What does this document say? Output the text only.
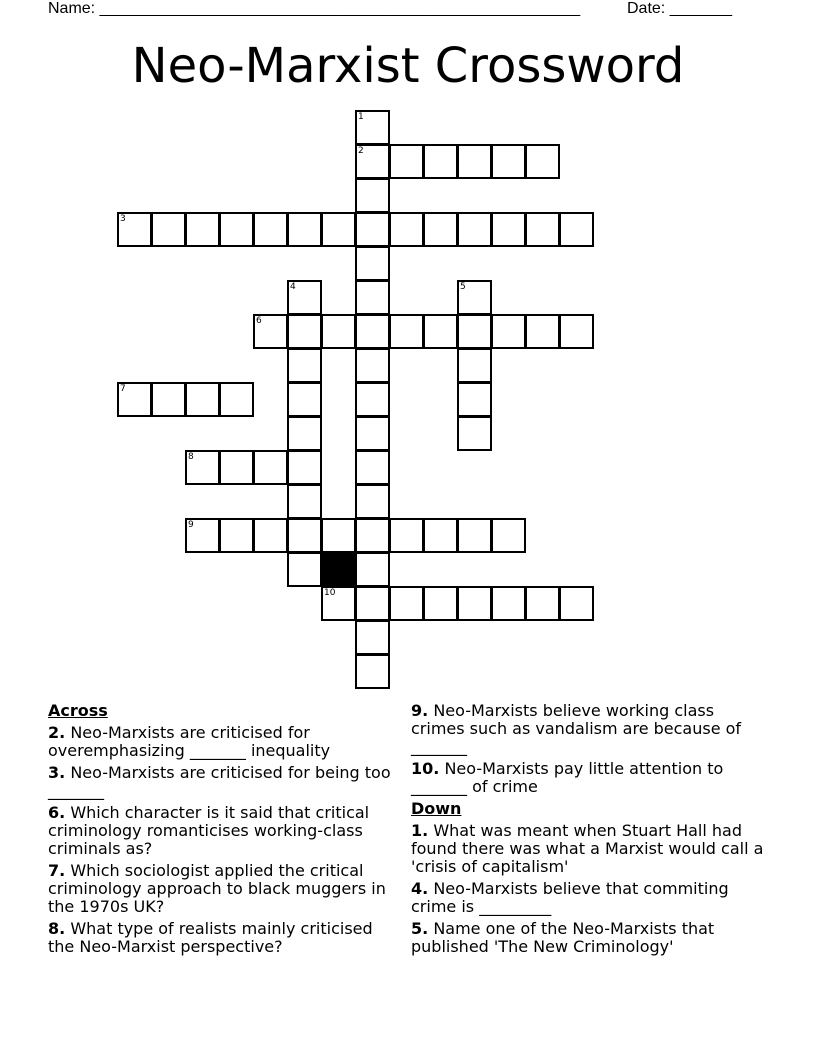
Name: ______________________________________________________	Date: _______
Neo-Marxist Crossword
1
2
3
4	5
6
7
8
9
10
Across
2. Neo-Marxists are criticised for overemphasizing _______ inequality
3. Neo-Marxists are criticised for being too _______
6. Which character is it said that critical criminology romanticises working-class criminals as?
7. Which sociologist applied the critical criminology approach to black muggers in the 1970s UK?
8. What type of realists mainly criticised the Neo-Marxist perspective?
9. Neo-Marxists believe working class crimes such as vandalism are because of _______
10. Neo-Marxists pay little attention to _______ of crime
Down
1. What was meant when Stuart Hall had found there was what a Marxist would call a 'crisis of capitalism'
4. Neo-Marxists believe that commiting crime is _________
5. Name one of the Neo-Marxists that published 'The New Criminology'
